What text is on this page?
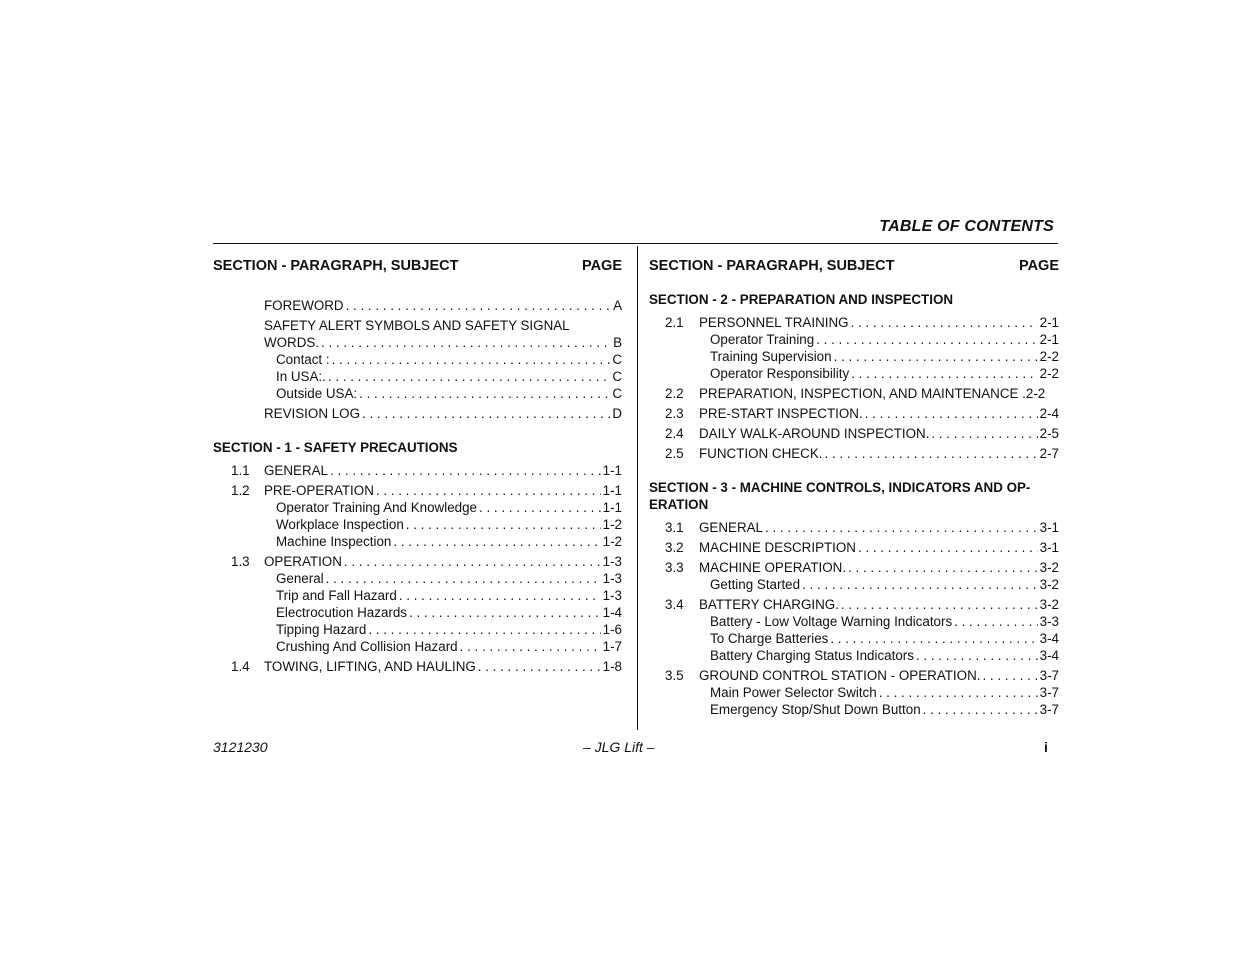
TABLE OF CONTENTS
SECTION - PARAGRAPH, SUBJECT	PAGE
FOREWORD . . .	A
SAFETY ALERT SYMBOLS AND SAFETY SIGNAL
WORDS. . . .	B
Contact : . . .	C
In USA:. . . .	C
Outside USA: . . .	C
REVISION LOG . . .	D
SECTION - 1 - SAFETY PRECAUTIONS
1.1	GENERAL . . .	1-1
1.2	PRE-OPERATION . . .	1-1
Operator Training And Knowledge . . .	1-1
Workplace Inspection . . .	1-2
Machine Inspection . . .	1-2
1.3	OPERATION . . .	1-3
General . . .	1-3
Trip and Fall Hazard . . .	1-3
Electrocution Hazards . . .	1-4
Tipping Hazard . . .	1-6
Crushing And Collision Hazard . . .	1-7
1.4	TOWING, LIFTING, AND HAULING . . .	1-8
SECTION - PARAGRAPH, SUBJECT	PAGE
SECTION - 2 - PREPARATION AND INSPECTION
2.1	PERSONNEL TRAINING . . .	2-1
Operator Training . . .	2-1
Training Supervision . . .	2-2
Operator Responsibility . . .	2-2
2.2	PREPARATION, INSPECTION, AND MAINTENANCE . 2-2
2.3	PRE-START INSPECTION. . . .	2-4
2.4	DAILY WALK-AROUND INSPECTION. . . .	2-5
2.5	FUNCTION CHECK. . . .	2-7
SECTION - 3 - MACHINE CONTROLS, INDICATORS AND OP-
ERATION
3.1	GENERAL . . .	3-1
3.2	MACHINE DESCRIPTION . . .	3-1
3.3	MACHINE OPERATION. . . .	3-2
Getting Started . . .	3-2
3.4	BATTERY CHARGING. . . .	3-2
Battery - Low Voltage Warning Indicators . . .	3-3
To Charge Batteries . . .	3-4
Battery Charging Status Indicators . . .	3-4
3.5	GROUND CONTROL STATION - OPERATION. . . .	3-7
Main Power Selector Switch . . .	3-7
Emergency Stop/Shut Down Button . . .	3-7
3121230	– JLG Lift –	i
